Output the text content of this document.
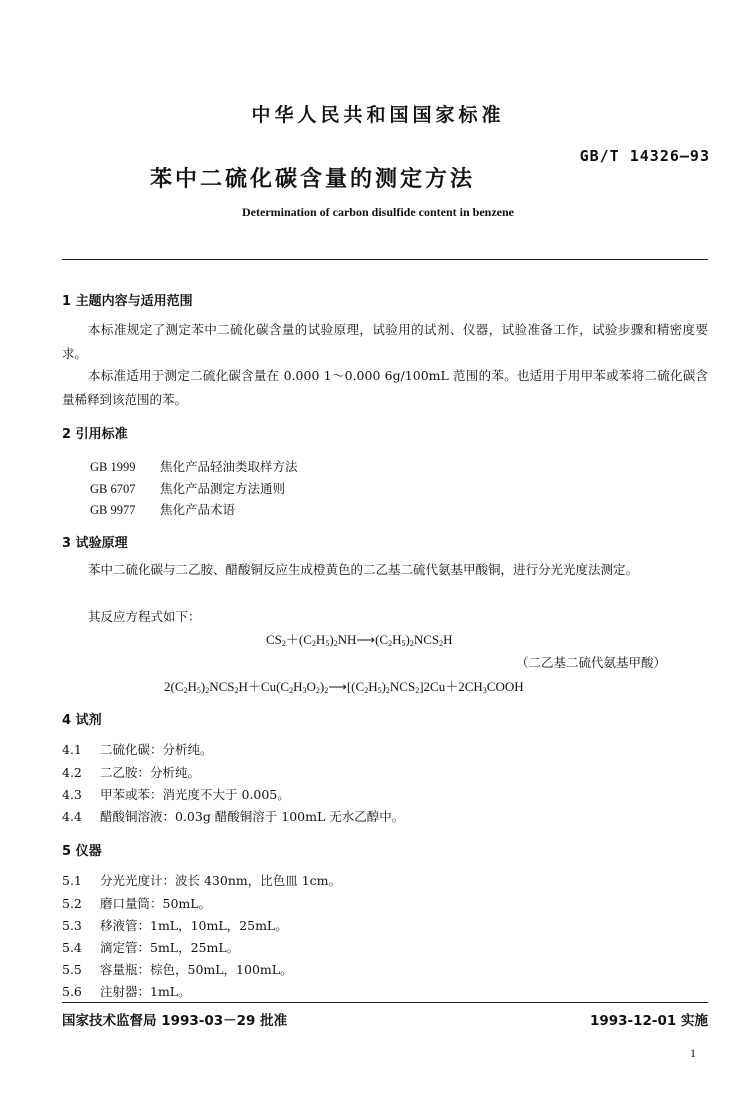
中华人民共和国国家标准
GB/T 14326—93
苯中二硫化碳含量的测定方法
Determination of carbon disulfide content in benzene
1 主题内容与适用范围
本标准规定了测定苯中二硫化碳含量的试验原理，试验用的试剂、仪器，试验准备工作，试验步骤和精密度要求。
本标准适用于测定二硫化碳含量在 0.000 1～0.000 6g/100mL 范围的苯。也适用于用甲苯或苯将二硫化碳含量稀释到该范围的苯。
2 引用标准
GB 1999 焦化产品轻油类取样方法
GB 6707 焦化产品测定方法通则
GB 9977 焦化产品术语
3 试验原理
苯中二硫化碳与二乙胺、醋酸铜反应生成橙黄色的二乙基二硫代氨基甲酸铜，进行分光光度法测定。
其反应方程式如下：
$CS_2+(C_2H_5)_2NH⟶(C_2H_5)_2NCS_2H$
（二乙基二硫代氨基甲酸）
$2(C_2H_5)_2NCS_2H+Cu(C_2H_3O_2)_2⟶[(C_2H_5)_2NCS_2]2Cu+2CH_3COOH$
4 试剂
4.1 二硫化碳：分析纯。
4.2 二乙胺：分析纯。
4.3 甲苯或苯：消光度不大于 0.005。
4.4 醋酸铜溶液：0.03g 醋酸铜溶于 100mL 无水乙醇中。
5 仪器
5.1 分光光度计：波长 430nm，比色皿 1cm。
5.2 磨口量筒：50mL。
5.3 移液管：1mL，10mL，25mL。
5.4 滴定管：5mL，25mL。
5.5 容量瓶：棕色，50mL，100mL。
5.6 注射器：1mL。
国家技术监督局 1993-03－29 批准	1993-12-01 实施
1
